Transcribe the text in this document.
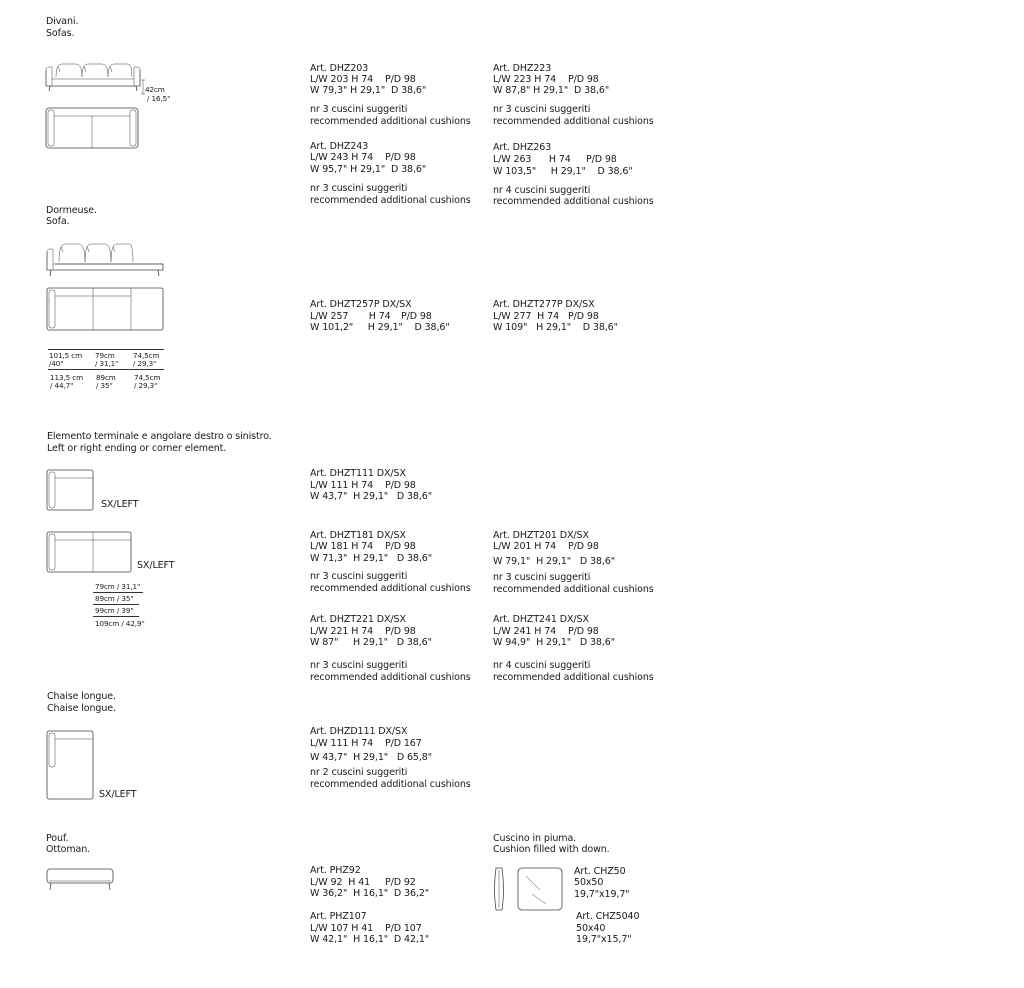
Divani.
Sofas.
Dormeuse.
Sofa.
Elemento terminale e angolare destro o sinistro.
Left or right ending or corner element.
Chaise longue.
Chaise longue.
Pouf.
Ottoman.
Cuscino in piuma.
Cushion filled with down.
42cm
/ 16,5"
101,5 cm
/40"
79cm
/ 31,1"
74,5cm
/ 29,3"
113,5 cm
/ 44,7"
89cm
/ 35"
74,5cm
/ 29,3"
SX/LEFT
SX/LEFT
79cm / 31,1"
89cm / 35"
99cm / 39"
109cm / 42,9"
SX/LEFT
Art. DHZ203
L/W 203 H 74 P/D 98
W 79,3" H 29,1"  D 38,6"
nr 3 cuscini suggeriti
recommended additional cushions
Art. DHZ223
L/W 223 H 74 P/D 98
W 87,8" H 29,1"  D 38,6"
nr 3 cuscini suggeriti
recommended additional cushions
Art. DHZ243
L/W 243 H 74 P/D 98
W 95,7" H 29,1"  D 38,6"
nr 3 cuscini suggeriti
recommended additional cushions
Art. DHZ263
L/W 263      H 74 P/D 98
W 103,5"     H 29,1"    D 38,6"
nr 4 cuscini suggeriti
recommended additional cushions
Art. DHZT257P DX/SX
L/W 257       H 74 P/D 98
W 101,2"     H 29,1"    D 38,6"
Art. DHZT277P DX/SX
L/W 277  H 74 P/D 98
W 109"   H 29,1"    D 38,6"
Art. DHZT111 DX/SX
L/W 111 H 74 P/D 98
W 43,7"  H 29,1"   D 38,6"
Art. DHZT181 DX/SX
L/W 181 H 74 P/D 98
W 71,3"  H 29,1"   D 38,6"
nr 3 cuscini suggeriti
recommended additional cushions
Art. DHZT201 DX/SX
L/W 201 H 74 P/D 98
W 79,1"  H 29,1"   D 38,6"
nr 3 cuscini suggeriti
recommended additional cushions
Art. DHZT221 DX/SX
L/W 221 H 74 P/D 98
W 87"     H 29,1"   D 38,6"
nr 3 cuscini suggeriti
recommended additional cushions
Art. DHZT241 DX/SX
L/W 241 H 74 P/D 98
W 94,9"  H 29,1"   D 38,6"
nr 4 cuscini suggeriti
recommended additional cushions
Art. DHZD111 DX/SX
L/W 111 H 74 P/D 167
W 43,7"  H 29,1"   D 65,8"
nr 2 cuscini suggeriti
recommended additional cushions
Art. PHZ92
L/W 92  H 41 P/D 92
W 36,2"  H 16,1"  D 36,2"
Art. PHZ107
L/W 107 H 41 P/D 107
W 42,1"  H 16,1"  D 42,1"
Art. CHZ50
50x50
19,7"x19,7"
Art. CHZ5040
50x40
19,7"x15,7"
